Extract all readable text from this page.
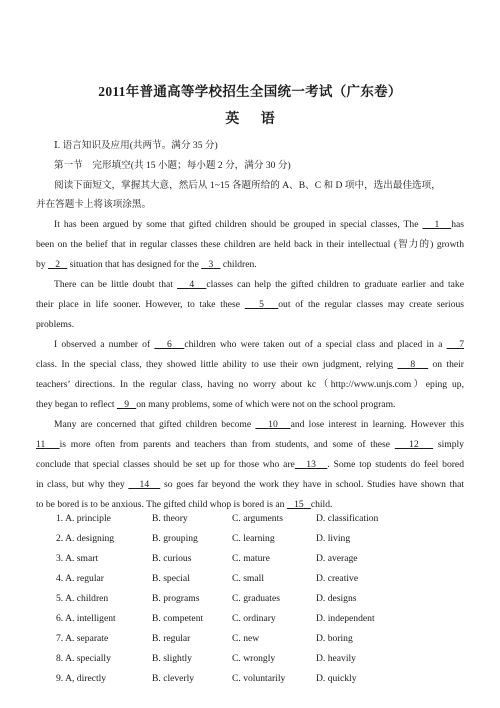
2011年普通高等学校招生全国统一考试（广东卷）
英 语
Ⅰ. 语言知识及应用(共两节。满分 35 分)
第一节　完形填空(共 15 小题；每小题 2 分，满分 30 分)
阅读下面短文，掌握其大意，然后从 1~15 各题所给的 A、B、C 和 D 项中，选出最佳选项，
并在答题卡上将该项涂黑。
It has been argued by some that gifted children should be grouped in special classes, The 1 has
been on the belief that in regular classes these children are held back in their intellectual (智力的) growth
by 2 situation that has designed for the 3 children.
There can be little doubt that 4 classes can help the gifted children to graduate earlier and take
their place in life sooner. However, to take these 5 out of the regular classes may create serious
problems.
I observed a number of 6 children who were taken out of a special class and placed in a 7
class. In the special class, they showed little ability to use their own judgment, relying 8 on their
teachers’ directions. In the regular class, having no worry about kc（http://www.unjs.com）eping up,
they began to reflect 9 on many problems, some of which were not on the school program.
Many are concerned that gifted children become 10 and lose interest in learning. However this
11 is more often from parents and teachers than from students, and some of these 12 simply
conclude that special classes should be set up for those who are 13 . Some top students do feel bored
in class, but why they 14 so goes far beyond the work they have in school. Studies have shown that
to be bored is to be anxious. The gifted child whop is bored is an 15 child.
1. A. principle	B. theory	C. arguments	D. classification
2. A. designing	B. grouping	C. learning	D. living
3. A. smart	B. curious	C. mature	D. average
4. A. regular	B. special	C. small	D. creative
5. A. children	B. programs	C. graduates	D. designs
6. A. intelligent	B. competent	C. ordinary	D. independent
7. A. separate	B. regular	C. new	D. boring
8. A. specially	B. slightly	C. wrongly	D. heavily
9. A, directly	B. cleverly	C. voluntarily	D. quickly
